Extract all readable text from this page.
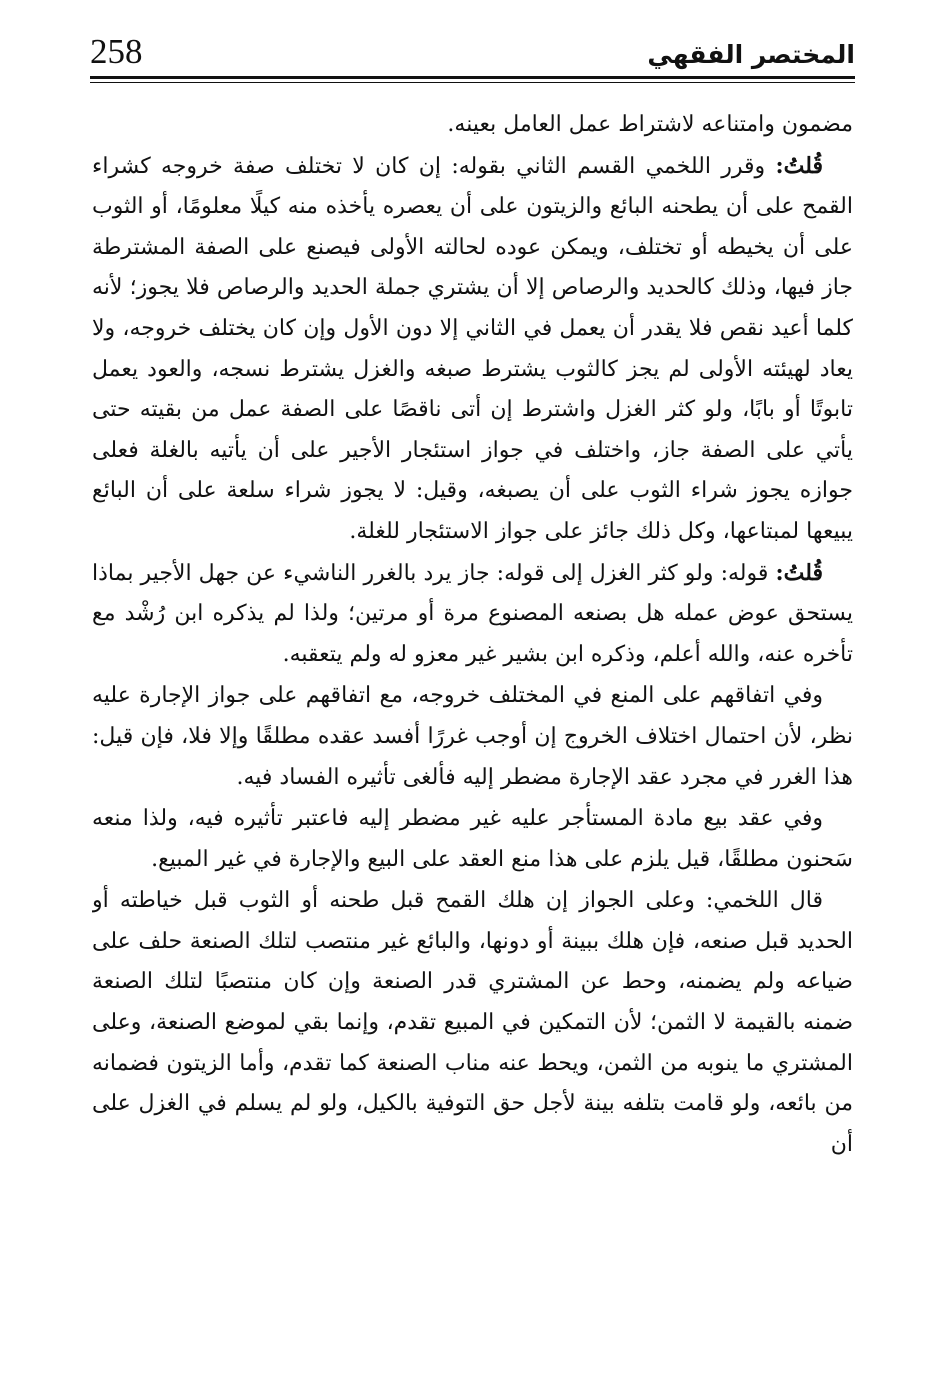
258	المختصر الفقهي

مضمون وامتناعه لاشتراط عمل العامل بعينه.

قُلتُ: وقرر اللخمي القسم الثاني بقوله: إن كان لا تختلف صفة خروجه كشراء القمح على أن يطحنه البائع والزيتون على أن يعصره يأخذه منه كيلًا معلومًا، أو الثوب على أن يخيطه أو تختلف، ويمكن عوده لحالته الأولى فيصنع على الصفة المشترطة جاز فيها، وذلك كالحديد والرصاص إلا أن يشتري جملة الحديد والرصاص فلا يجوز؛ لأنه كلما أعيد نقص فلا يقدر أن يعمل في الثاني إلا دون الأول وإن كان يختلف خروجه، ولا يعاد لهيئته الأولى لم يجز كالثوب يشترط صبغه والغزل يشترط نسجه، والعود يعمل تابوتًا أو بابًا، ولو كثر الغزل واشترط إن أتى ناقصًا على الصفة عمل من بقيته حتى يأتي على الصفة جاز، واختلف في جواز استئجار الأجير على أن يأتيه بالغلة فعلى جوازه يجوز شراء الثوب على أن يصبغه، وقيل: لا يجوز شراء سلعة على أن البائع يبيعها لمبتاعها، وكل ذلك جائز على جواز الاستئجار للغلة.

قُلتُ: قوله: ولو كثر الغزل إلى قوله: جاز يرد بالغرر الناشيء عن جهل الأجير بماذا يستحق عوض عمله هل بصنعه المصنوع مرة أو مرتين؛ ولذا لم يذكره ابن رُشْد مع تأخره عنه، والله أعلم، وذكره ابن بشير غير معزو له ولم يتعقبه.

وفي اتفاقهم على المنع في المختلف خروجه، مع اتفاقهم على جواز الإجارة عليه نظر، لأن احتمال اختلاف الخروج إن أوجب غررًا أفسد عقده مطلقًا وإلا فلا، فإن قيل: هذا الغرر في مجرد عقد الإجارة مضطر إليه فألغى تأثيره الفساد فيه.

وفي عقد بيع مادة المستأجر عليه غير مضطر إليه فاعتبر تأثيره فيه، ولذا منعه سَحنون مطلقًا، قيل يلزم على هذا منع العقد على البيع والإجارة في غير المبيع.

قال اللخمي: وعلى الجواز إن هلك القمح قبل طحنه أو الثوب قبل خياطته أو الحديد قبل صنعه، فإن هلك ببينة أو دونها، والبائع غير منتصب لتلك الصنعة حلف على ضياعه ولم يضمنه، وحط عن المشتري قدر الصنعة وإن كان منتصبًا لتلك الصنعة ضمنه بالقيمة لا الثمن؛ لأن التمكين في المبيع تقدم، وإنما بقي لموضع الصنعة، وعلى المشتري ما ينوبه من الثمن، ويحط عنه مناب الصنعة كما تقدم، وأما الزيتون فضمانه من بائعه، ولو قامت بتلفه بينة لأجل حق التوفية بالكيل، ولو لم يسلم في الغزل على أن
